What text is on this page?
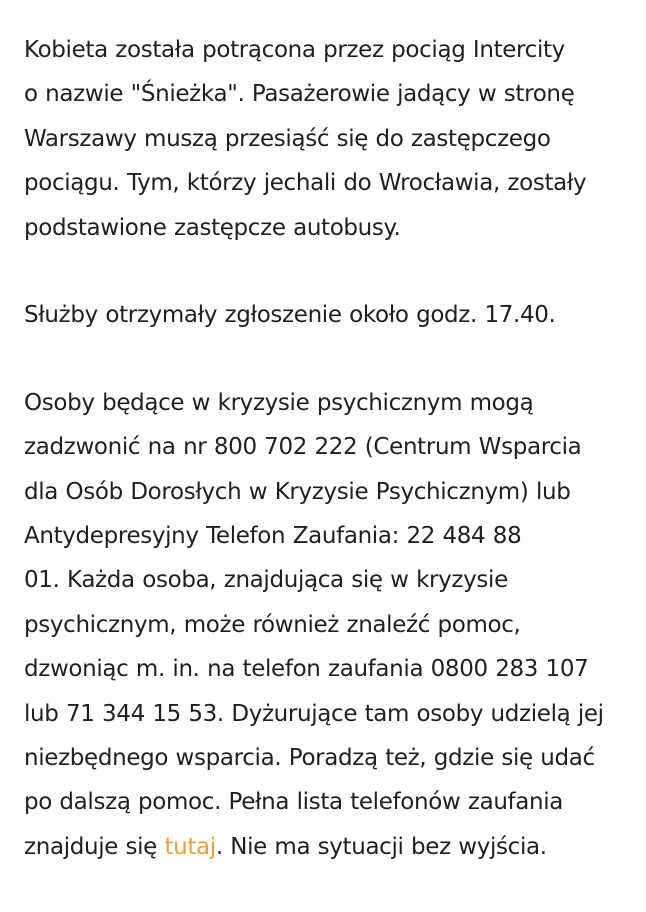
Kobieta została potrącona przez pociąg Intercity
o nazwie "Śnieżka". Pasażerowie jadący w stronę
Warszawy muszą przesiąść się do zastępczego
pociągu. Tym, którzy jechali do Wrocławia, zostały
podstawione zastępcze autobusy.

Służby otrzymały zgłoszenie około godz. 17.40.

Osoby będące w kryzysie psychicznym mogą
zadzwonić na nr 800 702 222 (Centrum Wsparcia
dla Osób Dorosłych w Kryzysie Psychicznym) lub
Antydepresyjny Telefon Zaufania: 22 484 88
01. Każda osoba, znajdująca się w kryzysie
psychicznym, może również znaleźć pomoc,
dzwoniąc m. in. na telefon zaufania 0800 283 107
lub 71 344 15 53. Dyżurujące tam osoby udzielą jej
niezbędnego wsparcia. Poradzą też, gdzie się udać
po dalszą pomoc. Pełna lista telefonów zaufania
znajduje się tutaj. Nie ma sytuacji bez wyjścia.
